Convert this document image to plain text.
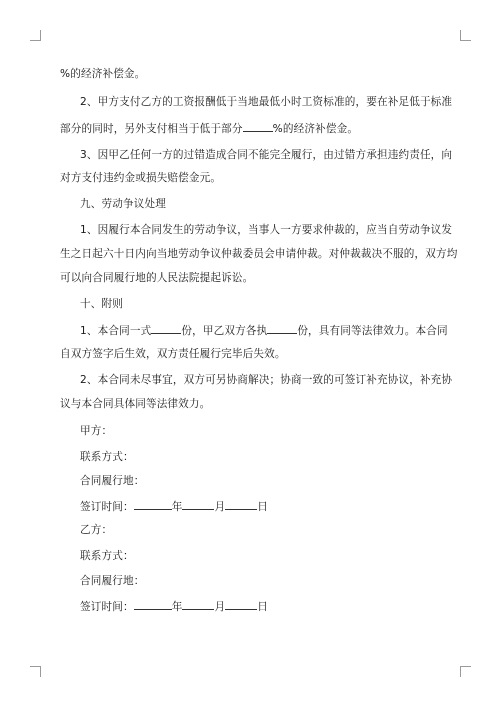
%的经济补偿金。
2、甲方支付乙方的工资报酬低于当地最低小时工资标准的，要在补足低于标准
部分的同时，另外支付相当于低于部分	%的经济补偿金。
3、因甲乙任何一方的过错造成合同不能完全履行，由过错方承担违约责任，向
对方支付违约金或损失赔偿金元。
九、劳动争议处理
1、因履行本合同发生的劳动争议，当事人一方要求仲裁的，应当自劳动争议发
生之日起六十日内向当地劳动争议仲裁委员会申请仲裁。对仲裁裁决不服的，双方均
可以向合同履行地的人民法院提起诉讼。
十、附则
1、本合同一式	份，甲乙双方各执	份，具有同等法律效力。本合同
自双方签字后生效，双方责任履行完毕后失效。
2、本合同未尽事宜，双方可另协商解决；协商一致的可签订补充协议，补充协
议与本合同具体同等法律效力。
甲方：
联系方式：
合同履行地：
签订时间：	年	月	日
乙方：
联系方式：
合同履行地：
签订时间：	年	月	日
